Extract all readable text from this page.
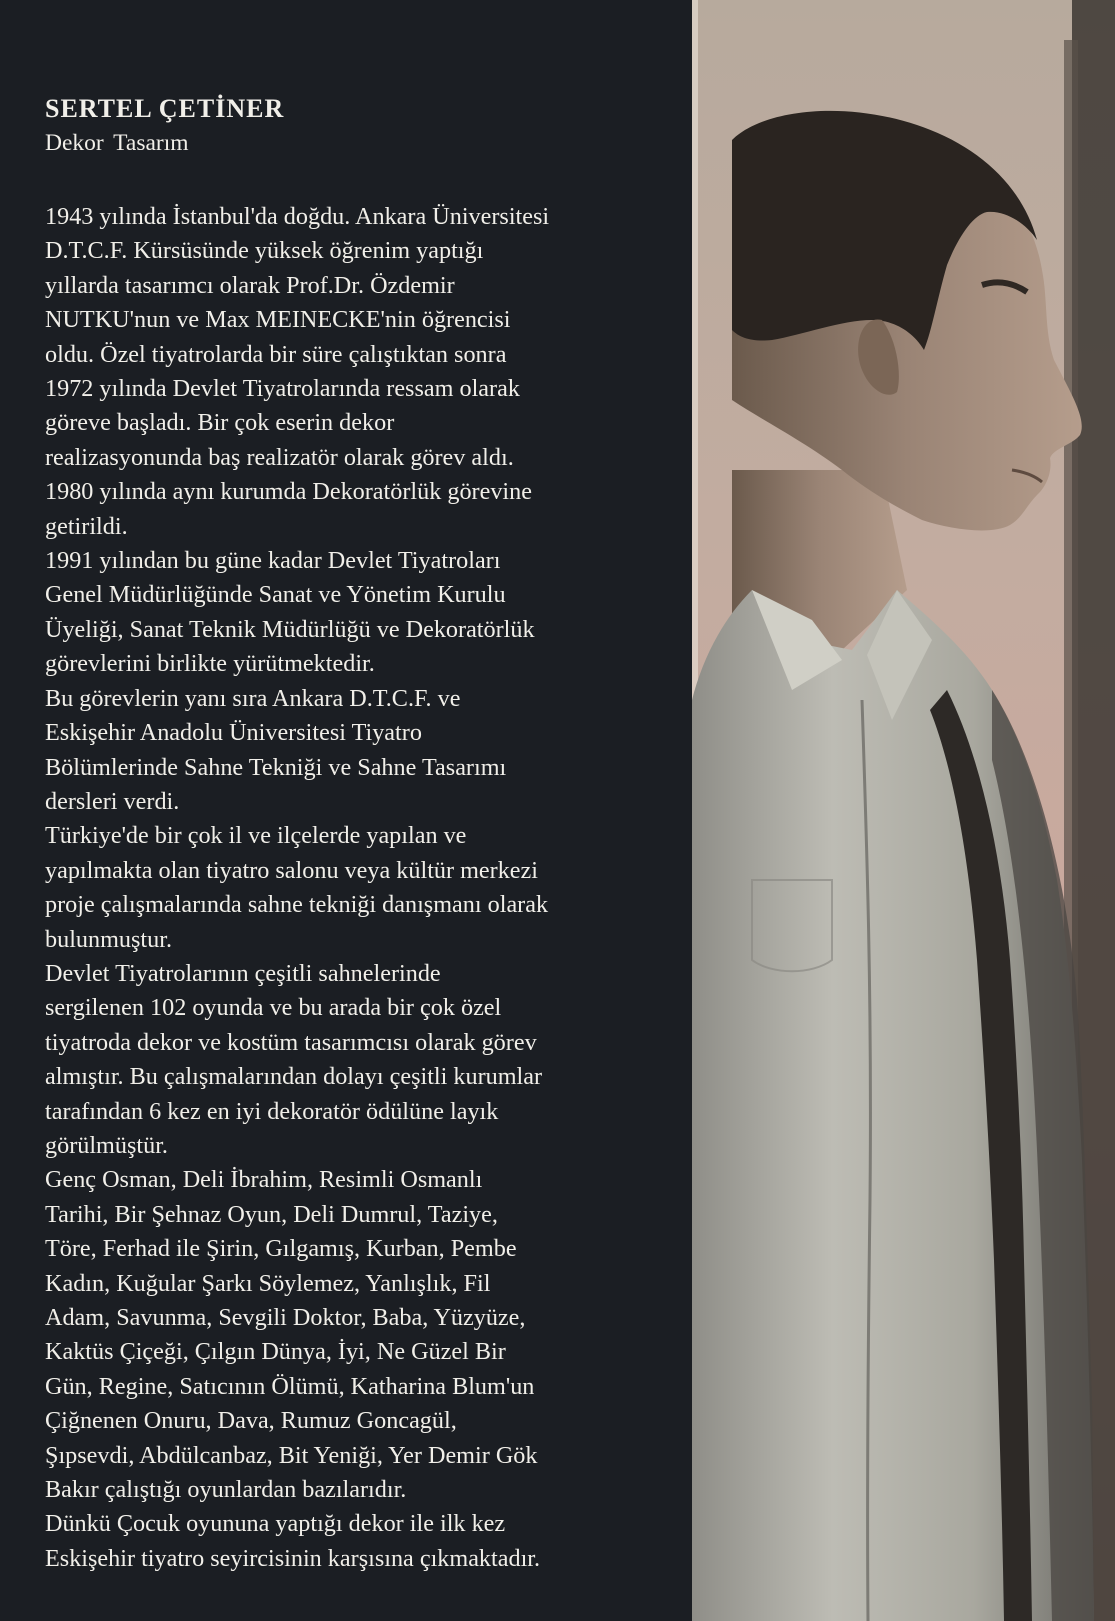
SERTEL ÇETİNER

Dekor Tasarım

1943 yılında İstanbul'da doğdu. Ankara Üniversitesi
D.T.C.F. Kürsüsünde yüksek öğrenim yaptığı
yıllarda tasarımcı olarak Prof.Dr. Özdemir
NUTKU'nun ve Max MEINECKE'nin öğrencisi
oldu. Özel tiyatrolarda bir süre çalıştıktan sonra
1972 yılında Devlet Tiyatrolarında ressam olarak
göreve başladı. Bir çok eserin dekor
realizasyonunda baş realizatör olarak görev aldı.
1980 yılında aynı kurumda Dekoratörlük görevine
getirildi.
1991 yılından bu güne kadar Devlet Tiyatroları
Genel Müdürlüğünde Sanat ve Yönetim Kurulu
Üyeliği, Sanat Teknik Müdürlüğü ve Dekoratörlük
görevlerini birlikte yürütmektedir.
Bu görevlerin yanı sıra Ankara D.T.C.F. ve
Eskişehir Anadolu Üniversitesi Tiyatro
Bölümlerinde Sahne Tekniği ve Sahne Tasarımı
dersleri verdi.
Türkiye'de bir çok il ve ilçelerde yapılan ve
yapılmakta olan tiyatro salonu veya kültür merkezi
proje çalışmalarında sahne tekniği danışmanı olarak
bulunmuştur.
Devlet Tiyatrolarının çeşitli sahnelerinde
sergilenen 102 oyunda ve bu arada bir çok özel
tiyatroda dekor ve kostüm tasarımcısı olarak görev
almıştır. Bu çalışmalarından dolayı çeşitli kurumlar
tarafından 6 kez en iyi dekoratör ödülüne layık
görülmüştür.
Genç Osman, Deli İbrahim, Resimli Osmanlı
Tarihi, Bir Şehnaz Oyun, Deli Dumrul, Taziye,
Töre, Ferhad ile Şirin, Gılgamış, Kurban, Pembe
Kadın, Kuğular Şarkı Söylemez, Yanlışlık, Fil
Adam, Savunma, Sevgili Doktor, Baba, Yüzyüze,
Kaktüs Çiçeği, Çılgın Dünya, İyi, Ne Güzel Bir
Gün, Regine, Satıcının Ölümü, Katharina Blum'un
Çiğnenen Onuru, Dava, Rumuz Goncagül,
Şıpsevdi, Abdülcanbaz, Bit Yeniği, Yer Demir Gök
Bakır çalıştığı oyunlardan bazılarıdır.
Dünkü Çocuk oyununa yaptığı dekor ile ilk kez
Eskişehir tiyatro seyircisinin karşısına çıkmaktadır.
